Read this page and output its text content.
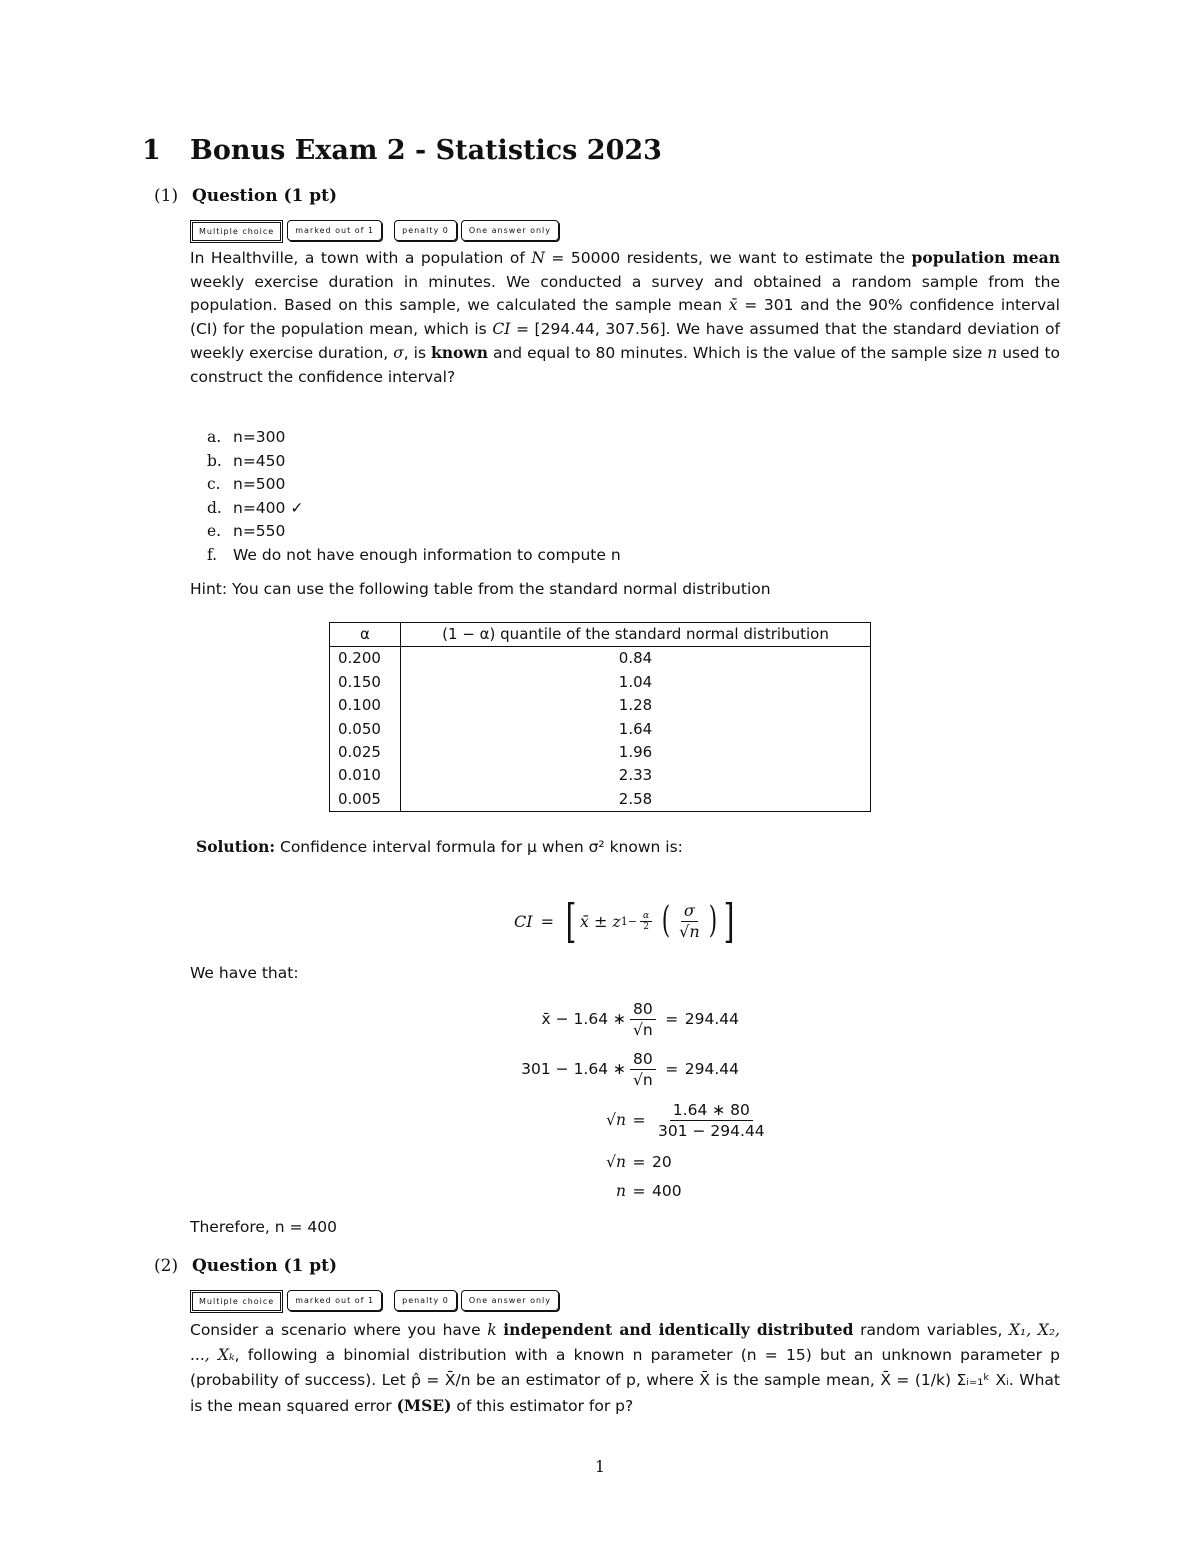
1 Bonus Exam 2 - Statistics 2023
(1) Question (1 pt)
Multiple choice	marked out of 1	penalty 0	One answer only

In Healthville, a town with a population of N = 50000 residents, we want to estimate the population mean weekly exercise duration in minutes. We conducted a survey and obtained a random sample from the population. Based on this sample, we calculated the sample mean x̄ = 301 and the 90% confidence interval (CI) for the population mean, which is CI = [294.44, 307.56]. We have assumed that the standard deviation of weekly exercise duration, σ, is known and equal to 80 minutes. Which is the value of the sample size n used to construct the confidence interval?

a. n=300
b. n=450
c. n=500
d. n=400 ✓
e. n=550
f. We do not have enough information to compute n
Hint: You can use the following table from the standard normal distribution
α	(1 − α) quantile of the standard normal distribution
0.200	0.84
0.150	1.04
0.100	1.28
0.050	1.64
0.025	1.96
0.010	2.33
0.005	2.58
Solution: Confidence interval formula for μ when σ² known is:
CI = [ x̄ ± z $1- \frac{\alpha}{2}$ ( $\frac{\sigma}{√n}$ ) ]
We have that:
x̄ − 1.64 ∗ $\frac{80}{√n} = 294.44$
301 − 1.64 ∗ $\frac{80}{√n} = 294.44$
$√n = \frac{1.64 ∗ 80}{301 - 294.44}$
√n = 20
n = 400
Therefore, n = 400
(2) Question (1 pt)
Multiple choice	marked out of 1	penalty 0	One answer only

Consider a scenario where you have k independent and identically distributed random variables, X₁, X₂, ..., Xₖ, following a binomial distribution with a known n parameter (n = 15) but an unknown parameter p (probability of success). Let p̂ = X̄/n be an estimator of p, where X̄ is the sample mean, X̄ = (1/k) Σᵢ₌₁ᵏ Xᵢ. What is the mean squared error (MSE) of this estimator for p?

1
